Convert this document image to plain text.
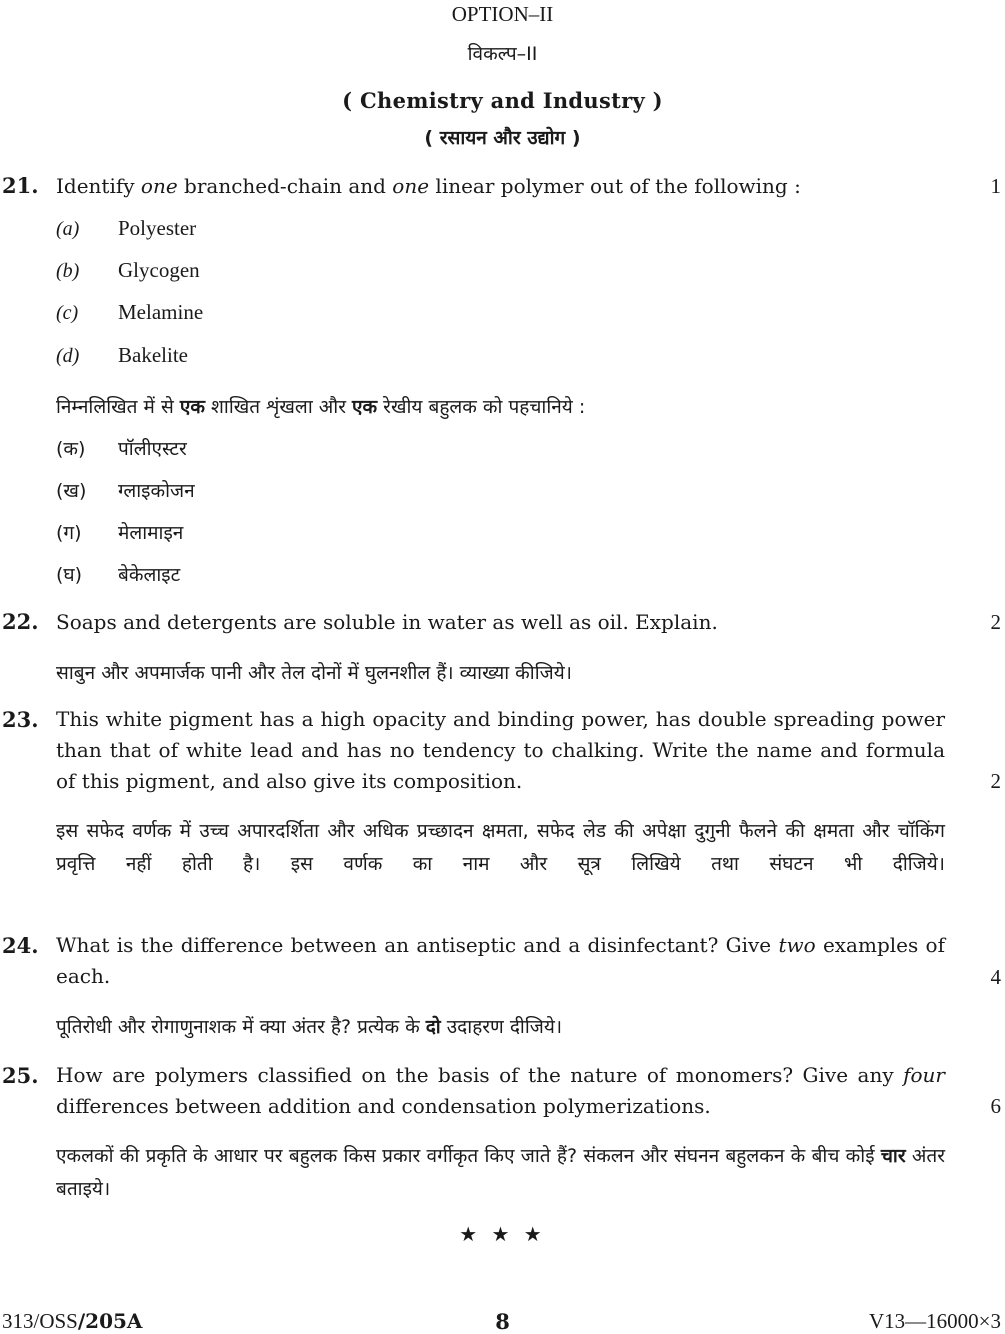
OPTION–II
विकल्प–II
( Chemistry and Industry )
( रसायन और उद्योग )
21. Identify one branched-chain and one linear polymer out of the following :	1
(a) Polyester
(b) Glycogen
(c) Melamine
(d) Bakelite
निम्नलिखित में से एक शाखित शृंखला और एक रेखीय बहुलक को पहचानिये :
(क) पॉलीएस्टर
(ख) ग्लाइकोजन
(ग) मेलामाइन
(घ) बेकेलाइट
22. Soaps and detergents are soluble in water as well as oil. Explain.	2
साबुन और अपमार्जक पानी और तेल दोनों में घुलनशील हैं। व्याख्या कीजिये।
23. This white pigment has a high opacity and binding power, has double spreading power than that of white lead and has no tendency to chalking. Write the name and formula of this pigment, and also give its composition.	2
इस सफेद वर्णक में उच्च अपारदर्शिता और अधिक प्रच्छादन क्षमता, सफेद लेड की अपेक्षा दुगुनी फैलने की क्षमता और चॉकिंग प्रवृत्ति नहीं होती है। इस वर्णक का नाम और सूत्र लिखिये तथा संघटन भी दीजिये।
24. What is the difference between an antiseptic and a disinfectant? Give two examples of each.	4
पूतिरोधी और रोगाणुनाशक में क्या अंतर है? प्रत्येक के दो उदाहरण दीजिये।
25. How are polymers classified on the basis of the nature of monomers? Give any four differences between addition and condensation polymerizations.	6
एकलकों की प्रकृति के आधार पर बहुलक किस प्रकार वर्गीकृत किए जाते हैं? संकलन और संघनन बहुलकन के बीच कोई चार अंतर बताइये।
★ ★ ★
313/OSS/205A	8	V13—16000×3
